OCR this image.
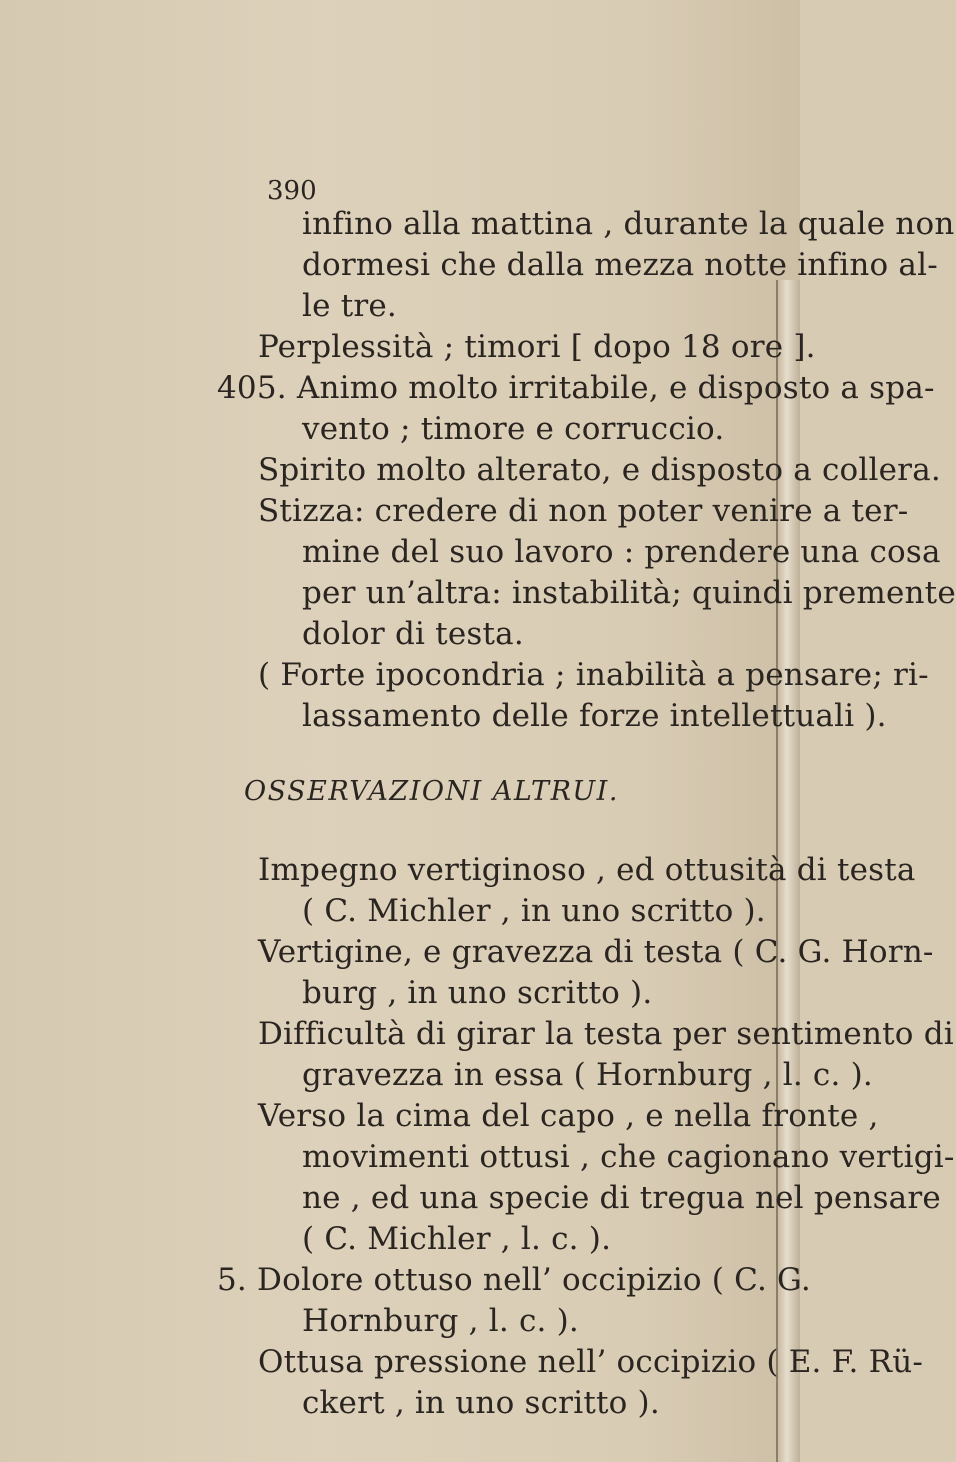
390
infino alla mattina , durante la quale non
dormesi che dalla mezza notte infino al-
le tre.
Perplessità ; timori [ dopo 18 ore ].
405. Animo molto irritabile, e disposto a spa-
vento ; timore e corruccio.
Spirito molto alterato, e disposto a collera.
Stizza: credere di non poter venire a ter-
mine del suo lavoro : prendere una cosa
per un’altra: instabilità; quindi premente
dolor di testa.
( Forte ipocondria ; inabilità a pensare; ri-
lassamento delle forze intellettuali ).
OSSERVAZIONI ALTRUI.
Impegno vertiginoso , ed ottusità di testa
( C. Michler , in uno scritto ).
Vertigine, e gravezza di testa ( C. G. Horn-
burg , in uno scritto ).
Difficultà di girar la testa per sentimento di
gravezza in essa ( Hornburg , l. c. ).
Verso la cima del capo , e nella fronte ,
movimenti ottusi , che cagionano vertigi-
ne , ed una specie di tregua nel pensare
( C. Michler , l. c. ).
5. Dolore ottuso nell’ occipizio ( C. G.
Hornburg , l. c. ).
Ottusa pressione nell’ occipizio ( E. F. Rü-
ckert , in uno scritto ).
